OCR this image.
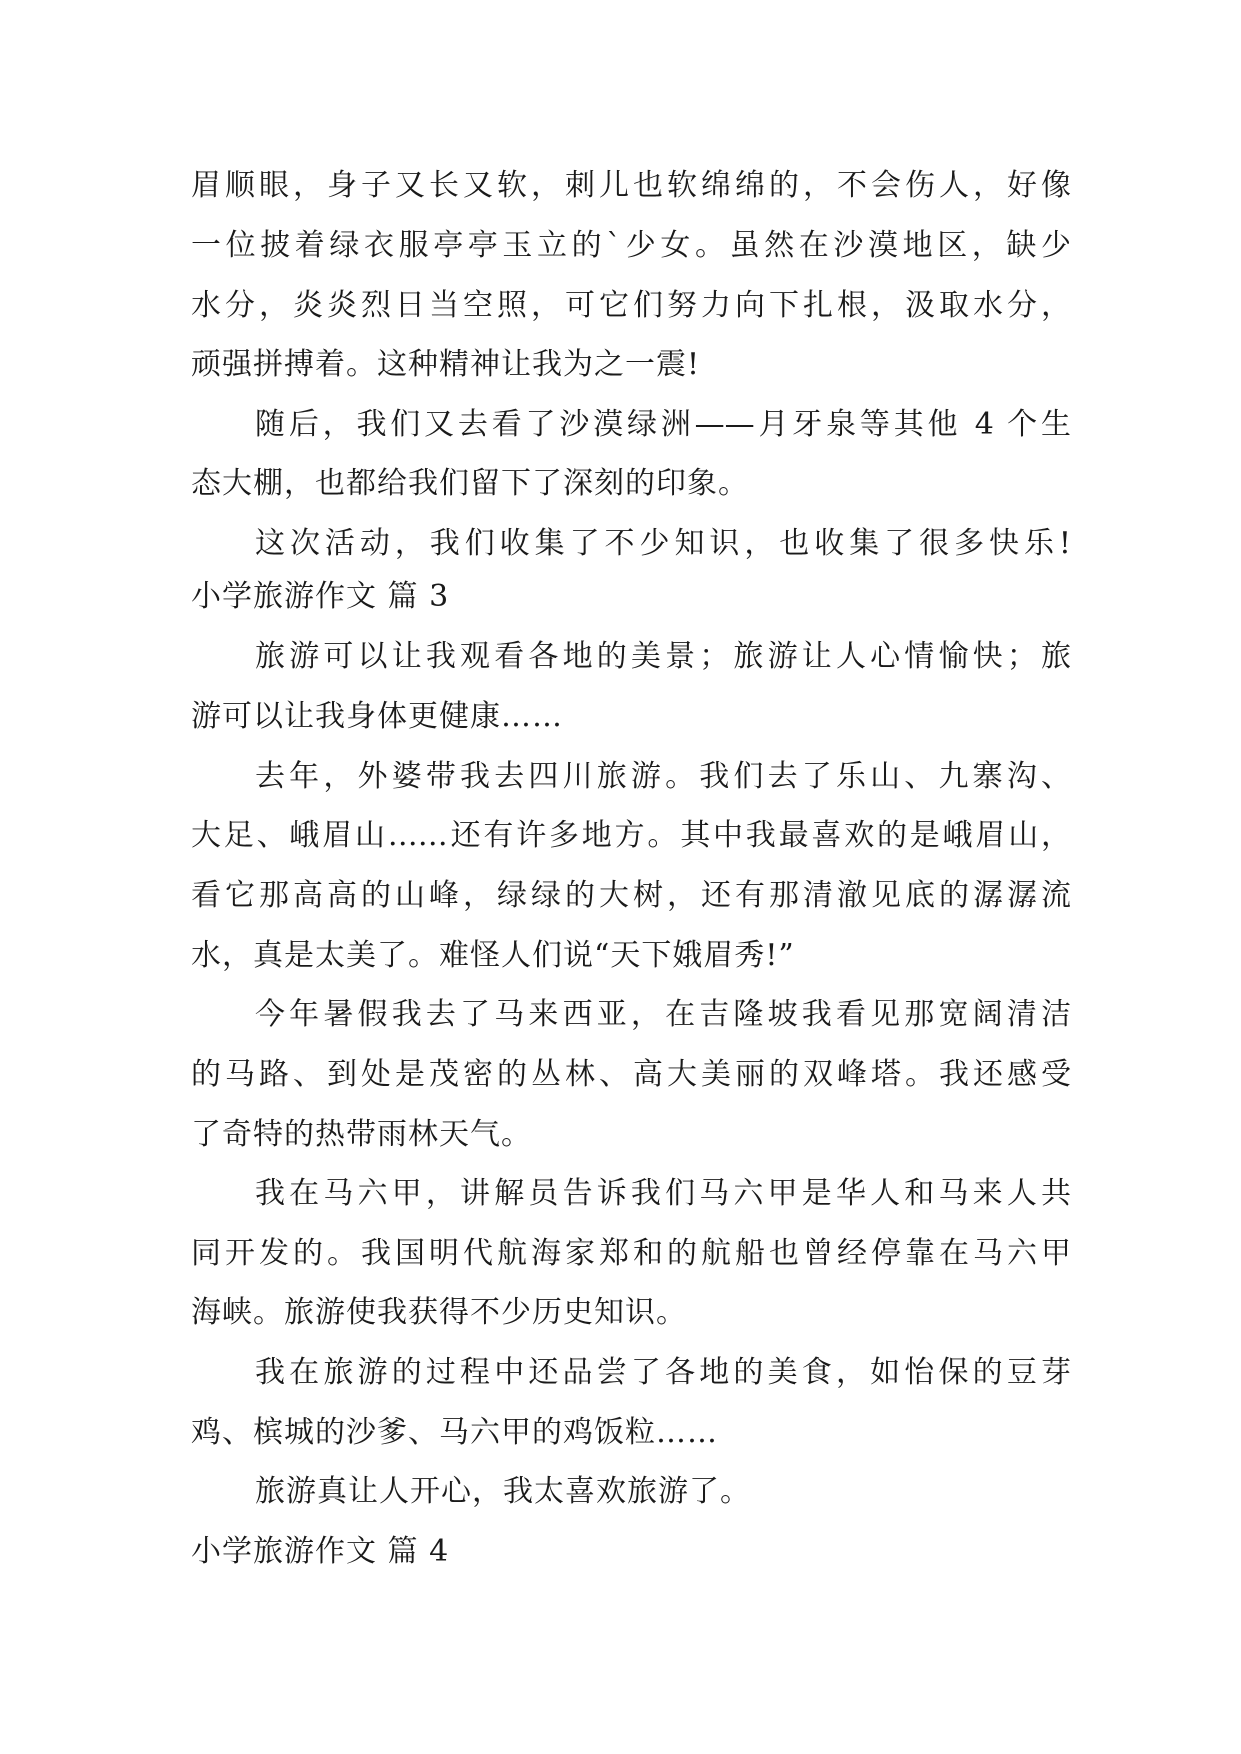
眉顺眼，身子又长又软，刺儿也软绵绵的，不会伤人，好像
一位披着绿衣服亭亭玉立的`少女。虽然在沙漠地区，缺少
水分，炎炎烈日当空照，可它们努力向下扎根，汲取水分，
顽强拼搏着。这种精神让我为之一震!
随后，我们又去看了沙漠绿洲——月牙泉等其他 4 个生
态大棚，也都给我们留下了深刻的印象。
这次活动，我们收集了不少知识，也收集了很多快乐!
小学旅游作文 篇 3
旅游可以让我观看各地的美景；旅游让人心情愉快；旅
游可以让我身体更健康……
去年，外婆带我去四川旅游。我们去了乐山、九寨沟、
大足、峨眉山……还有许多地方。其中我最喜欢的是峨眉山，
看它那高高的山峰，绿绿的大树，还有那清澈见底的潺潺流
水，真是太美了。难怪人们说“天下娥眉秀!”
今年暑假我去了马来西亚，在吉隆坡我看见那宽阔清洁
的马路、到处是茂密的丛林、高大美丽的双峰塔。我还感受
了奇特的热带雨林天气。
我在马六甲，讲解员告诉我们马六甲是华人和马来人共
同开发的。我国明代航海家郑和的航船也曾经停靠在马六甲
海峡。旅游使我获得不少历史知识。
我在旅游的过程中还品尝了各地的美食，如怡保的豆芽
鸡、槟城的沙爹、马六甲的鸡饭粒……
旅游真让人开心，我太喜欢旅游了。
小学旅游作文 篇 4
